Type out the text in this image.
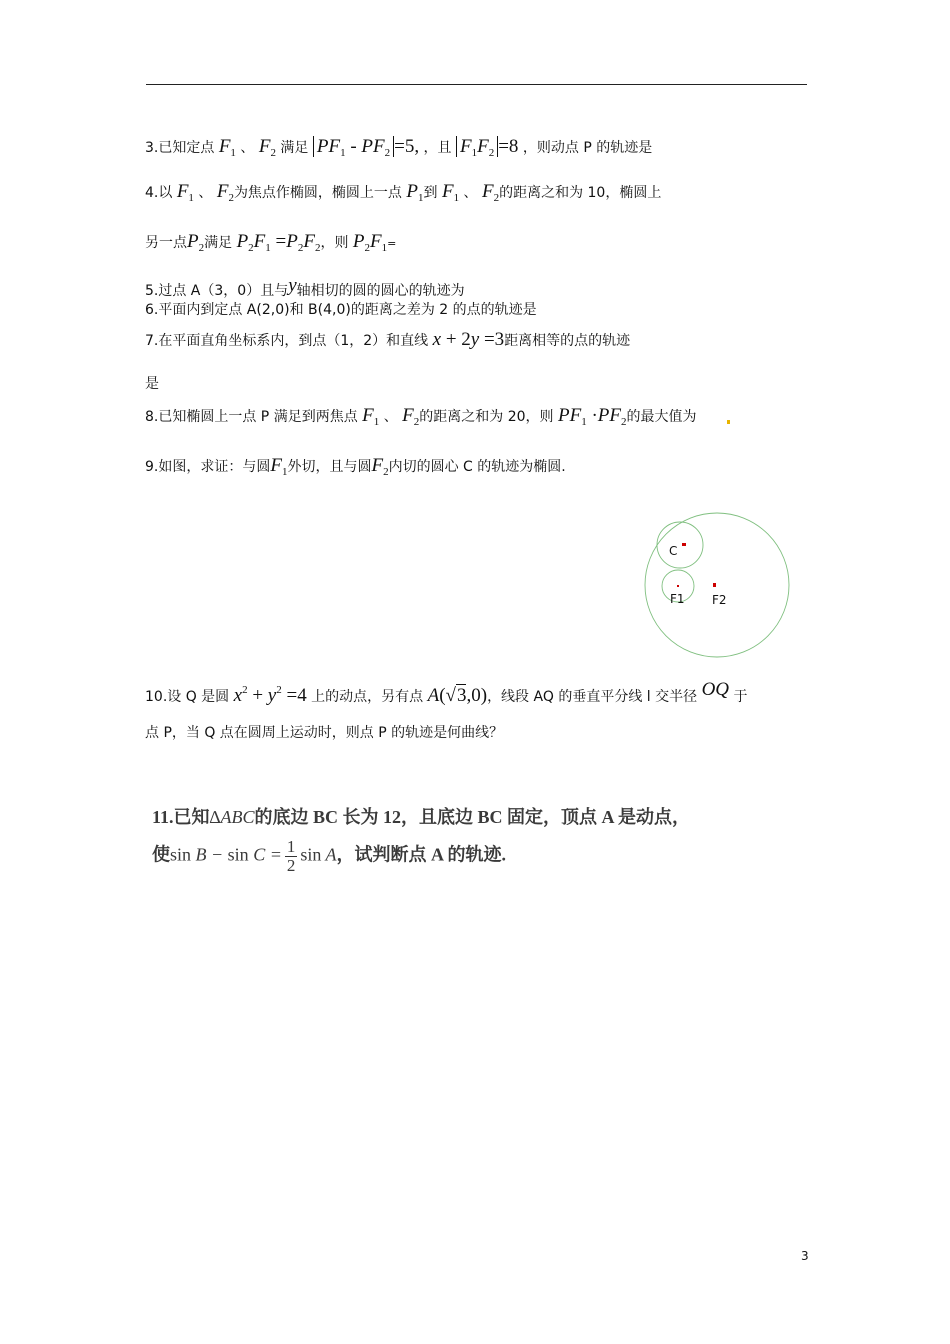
3.已知定点 $F_1$ 、 $F_2$ 满足 $PF_1 - PF_2 =5$, ，且 $F_1F_2 =8$ ，则动点 P 的轨迹是
4.以 $F_1$ 、 $F_2$为焦点作椭圆，椭圆上一点 $P_1$到 $F_1$ 、 $F_2$的距离之和为 10，椭圆上
另一点$P_2$满足 $P_2F_1 =P_2F_2$，则 $P_2F_1=$
5.过点 A（3，0）且与y轴相切的圆的圆心的轨迹为
6.平面内到定点 A(2,0)和 B(4,0)的距离之差为 2 的点的轨迹是
7.在平面直角坐标系内，到点（1，2）和直线 x + 2y =3距离相等的点的轨迹
是
8.已知椭圆上一点 P 满足到两焦点 $F_1$ 、 $F_2$的距离之和为 20，则 $PF_1 \cdot PF_2$的最大值为
9.如图，求证：与圆$F_1$外切，且与圆$F_2$内切的圆心 C 的轨迹为椭圆.
C
F1 F2
10.设 Q 是圆 $x^2 + y^2 =4$ 上的动点，另有点 A(√3,0)，线段 AQ 的垂直平分线 l 交半径 OQ 于
点 P，当 Q 点在圆周上运动时，则点 P 的轨迹是何曲线？
11.已知∆ABC的底边 BC 长为 12，且底边 BC 固定，顶点 A 是动点，
使$\sin B - \sin C = \frac{1}{2}$ sin A，试判断点 A 的轨迹.
3
